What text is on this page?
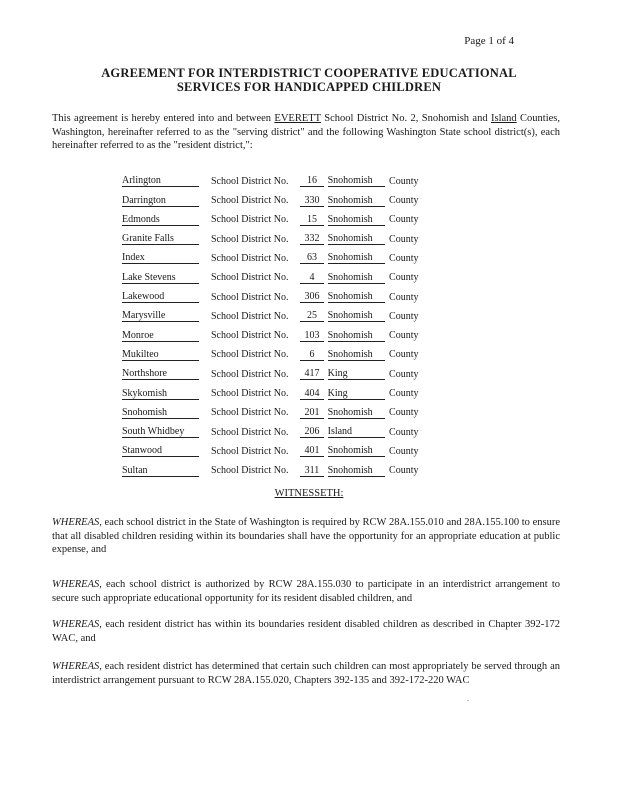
Page 1 of 4
AGREEMENT FOR INTERDISTRICT COOPERATIVE EDUCATIONAL
SERVICES FOR HANDICAPPED CHILDREN
This agreement is hereby entered into and between EVERETT School District No. 2, Snohomish and Island Counties, Washington, hereinafter referred to as the "serving district" and the following Washington State school district(s), each hereinafter referred to as the "resident district,":
Arlington	School District No.	16		Snohomish	County
Darrington	School District No.	330		Snohomish	County
Edmonds	School District No.	15		Snohomish	County
Granite Falls	School District No.	332		Snohomish	County
Index	School District No.	63		Snohomish	County
Lake Stevens	School District No.	4		Snohomish	County
Lakewood	School District No.	306		Snohomish	County
Marysville	School District No.	25		Snohomish	County
Monroe	School District No.	103		Snohomish	County
Mukilteo	School District No.	6		Snohomish	County
Northshore	School District No.	417		King	County
Skykomish	School District No.	404		King	County
Snohomish	School District No.	201		Snohomish	County
South Whidbey	School District No.	206		Island	County
Stanwood	School District No.	401		Snohomish	County
Sultan	School District No.	311		Snohomish	County
WITNESSETH:
WHEREAS, each school district in the State of Washington is required by RCW 28A.155.010 and 28A.155.100 to ensure that all disabled children residing within its boundaries shall have the opportunity for an appropriate education at public expense, and
WHEREAS, each school district is authorized by RCW 28A.155.030 to participate in an interdistrict arrangement to secure such appropriate educational opportunity for its resident disabled children, and
WHEREAS, each resident district has within its boundaries resident disabled children as described in Chapter 392-172 WAC, and
WHEREAS, each resident district has determined that certain such children can most appropriately be served through an interdistrict arrangement pursuant to RCW 28A.155.020, Chapters 392-135 and 392-172-220 WAC
.
